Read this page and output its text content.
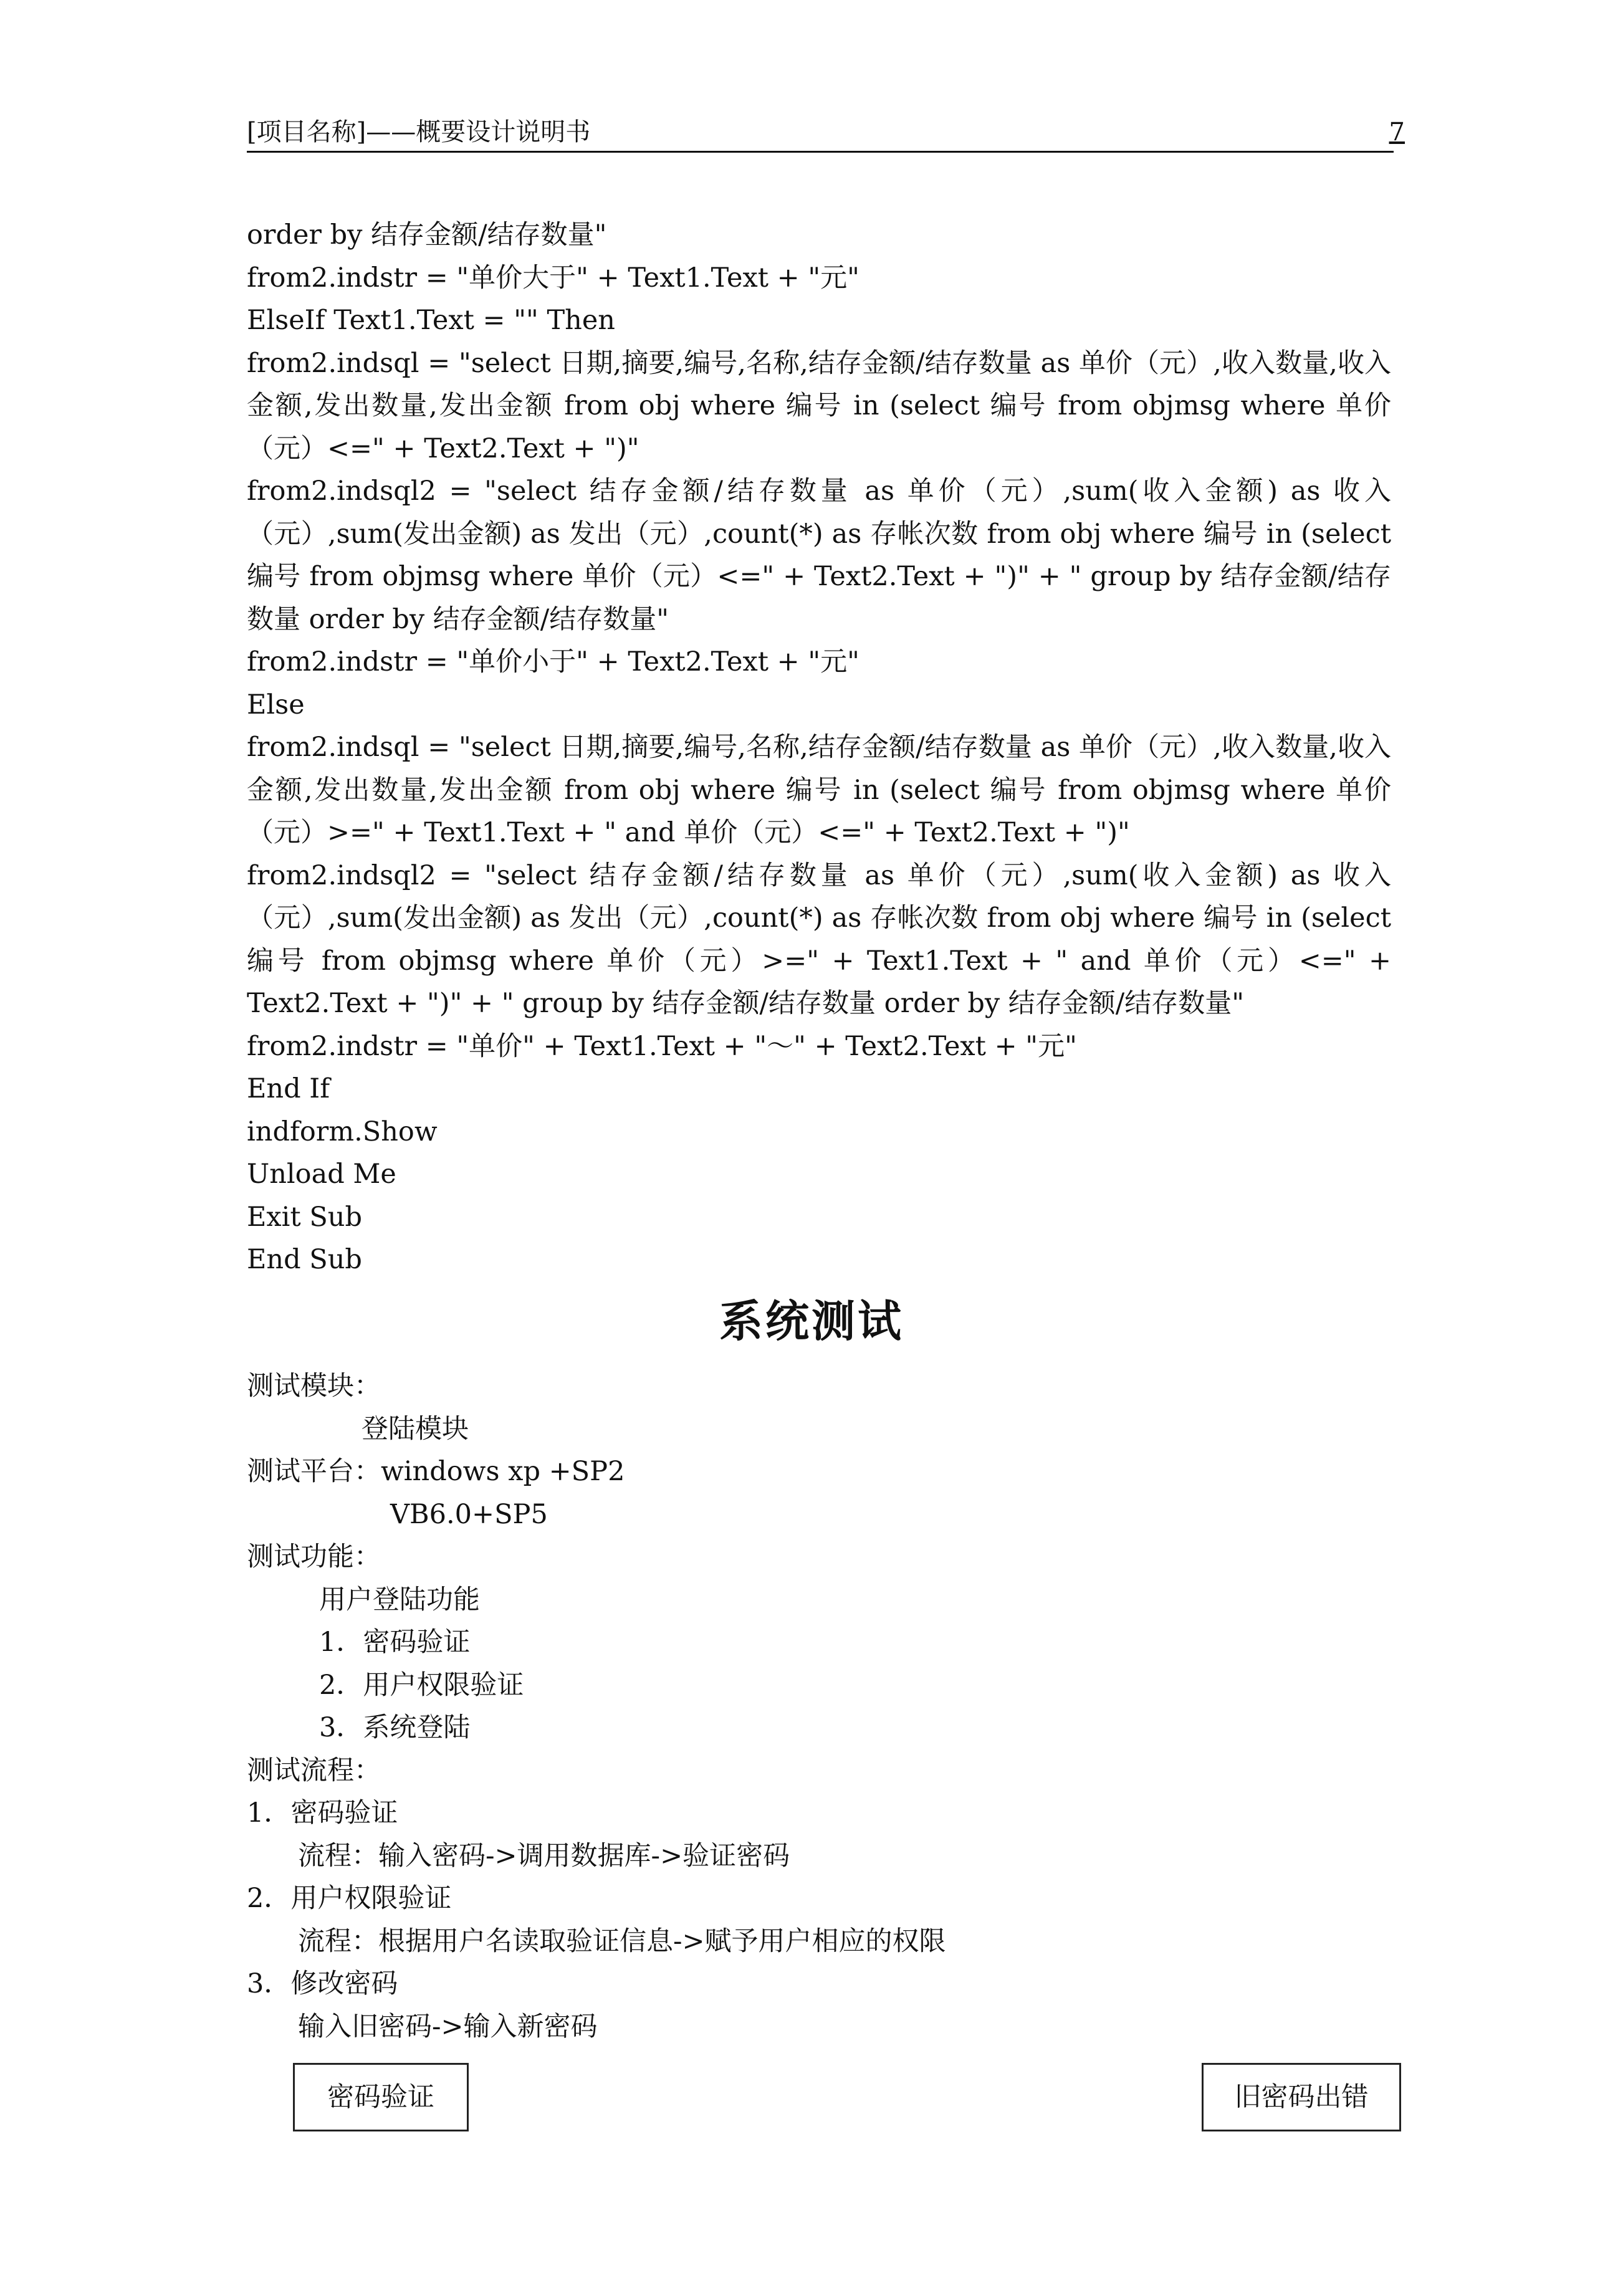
[项目名称]——概要设计说明书	7
order by 结存金额/结存数量"
from2.indstr = "单价大于" + Text1.Text + "元"
ElseIf Text1.Text = "" Then
from2.indsql = "select 日期,摘要,编号,名称,结存金额/结存数量 as 单价（元）,收入数量,收入金额,发出数量,发出金额 from obj where 编号 in (select 编号 from objmsg where 单价（元）<=" + Text2.Text + ")"
from2.indsql2 = "select 结存金额/结存数量 as 单价（元）,sum(收入金额) as 收入（元）,sum(发出金额) as 发出（元）,count(*) as 存帐次数 from obj where 编号 in (select 编号 from objmsg where 单价（元）<=" + Text2.Text + ")" + " group by 结存金额/结存数量 order by 结存金额/结存数量"
from2.indstr = "单价小于" + Text2.Text + "元"
Else
from2.indsql = "select 日期,摘要,编号,名称,结存金额/结存数量 as 单价（元）,收入数量,收入金额,发出数量,发出金额 from obj where 编号 in (select 编号 from objmsg where 单价（元）>=" + Text1.Text + " and 单价（元）<=" + Text2.Text + ")"
from2.indsql2 = "select 结存金额/结存数量 as 单价（元）,sum(收入金额) as 收入（元）,sum(发出金额) as 发出（元）,count(*) as 存帐次数 from obj where 编号 in (select 编号 from objmsg where 单价（元）>=" + Text1.Text + " and 单价（元）<=" + Text2.Text + ")" + " group by 结存金额/结存数量 order by 结存金额/结存数量"
from2.indstr = "单价" + Text1.Text + "～" + Text2.Text + "元"
End If
indform.Show
Unload Me
Exit Sub
End Sub
系统测试
测试模块：
登陆模块
测试平台：windows xp +SP2
VB6.0+SP5
测试功能：
用户登陆功能
1．密码验证
2．用户权限验证
3．系统登陆
测试流程：
1．密码验证
流程：输入密码->调用数据库->验证密码
2．用户权限验证
流程：根据用户名读取验证信息->赋予用户相应的权限
3．修改密码
输入旧密码->输入新密码
密码验证	旧密码出错
